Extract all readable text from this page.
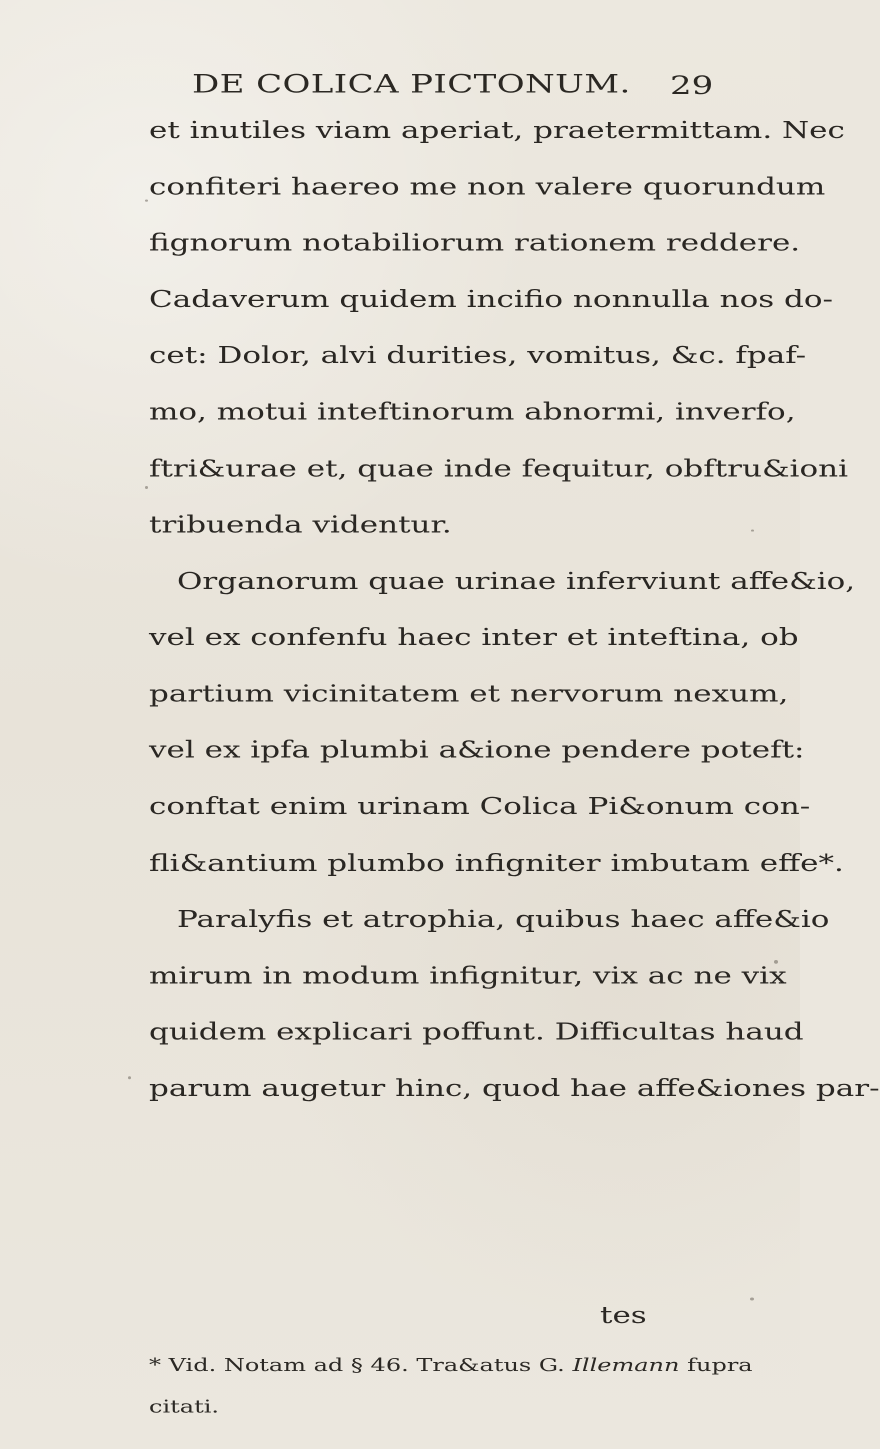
DE COLICA PICTONUM. 29
et inutiles viam aperiat, praetermittam. Nec
confiteri haereo me non valere quorundum
fignorum notabiliorum rationem reddere.
Cadaverum quidem incifio nonnulla nos do-
cet: Dolor, alvi durities, vomitus, &c. fpaf-
mo, motui inteftinorum abnormi, inverfo,
ftri&urae et, quae inde fequitur, obftru&ioni
tribuenda videntur.
Organorum quae urinae inferviunt affe&io,
vel ex confenfu haec inter et inteftina, ob
partium vicinitatem et nervorum nexum,
vel ex ipfa plumbi a&ione pendere poteft:
conftat enim urinam Colica Pi&onum con-
fli&antium plumbo infigniter imbutam effe*.
Paralyfis et atrophia, quibus haec affe&io
mirum in modum infignitur, vix ac ne vix
quidem explicari poffunt. Difficultas haud
parum augetur hinc, quod hae affe&iones par-
tes
* Vid. Notam ad § 46. Tra&atus G. Illemann fupra
citati.
